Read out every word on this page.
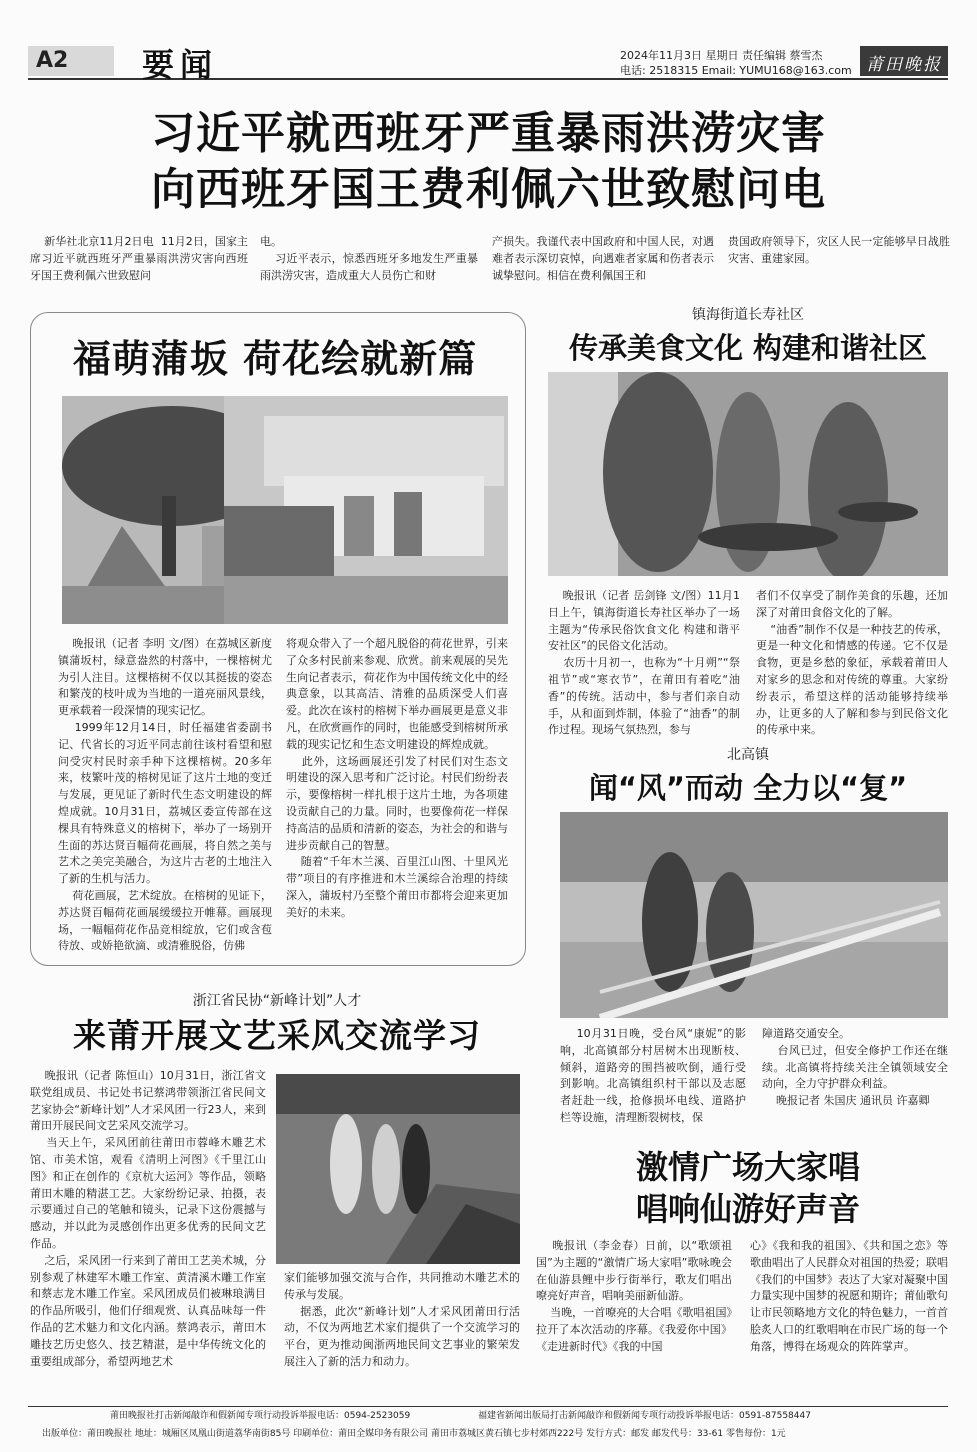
A2 要闻	2024年11月3日 星期日 责任编辑 蔡雪杰
电话: 2518315 Email: YUMU168@163.com 莆田晚报
习近平就西班牙严重暴雨洪涝灾害
向西班牙国王费利佩六世致慰问电
新华社北京11月2日电  11月2日，国家主席习近平就西班牙严重暴雨洪涝灾害向西班牙国王费利佩六世致慰问
电。
习近平表示，惊悉西班牙多地发生严重暴雨洪涝灾害，造成重大人员伤亡和财
产损失。我谨代表中国政府和中国人民，对遇难者表示深切哀悼，向遇难者家属和伤者表示诚挚慰问。相信在费利佩国王和
贵国政府领导下，灾区人民一定能够早日战胜灾害、重建家园。
福萌蒲坂 荷花绘就新篇
晚报讯（记者 李明 文/图）在荔城区新度镇蒲坂村，绿意盎然的村落中，一棵榕树尤为引人注目。这棵榕树不仅以其挺拔的姿态和繁茂的枝叶成为当地的一道亮丽风景线，更承载着一段深情的现实记忆。
1999年12月14日，时任福建省委副书记、代省长的习近平同志前往该村看望和慰问受灾村民时亲手种下这棵榕树。20多年来，枝繁叶茂的榕树见证了这片土地的变迁与发展，更见证了新时代生态文明建设的辉煌成就。10月31日，荔城区委宣传部在这棵具有特殊意义的榕树下，举办了一场别开生面的苏达贤百幅荷花画展，将自然之美与艺术之美完美融合，为这片古老的土地注入了新的生机与活力。
荷花画展，艺术绽放。在榕树的见证下，苏达贤百幅荷花画展缓缓拉开帷幕。画展现场，一幅幅荷花作品竞相绽放，它们或含苞待放、或娇艳欲滴、或清雅脱俗，仿佛
将观众带入了一个超凡脱俗的荷花世界，引来了众多村民前来参观、欣赏。前来观展的吴先生向记者表示，荷花作为中国传统文化中的经典意象，以其高洁、清雅的品质深受人们喜爱。此次在该村的榕树下举办画展更是意义非凡，在欣赏画作的同时，也能感受到榕树所承载的现实记忆和生态文明建设的辉煌成就。
此外，这场画展还引发了村民们对生态文明建设的深入思考和广泛讨论。村民们纷纷表示，要像榕树一样扎根于这片土地，为各项建设贡献自己的力量。同时，也要像荷花一样保持高洁的品质和清新的姿态，为社会的和谐与进步贡献自己的智慧。
随着“千年木兰溪、百里江山图、十里风光带”项目的有序推进和木兰溪综合治理的持续深入，蒲坂村乃至整个莆田市都将会迎来更加美好的未来。
镇海街道长寿社区
传承美食文化 构建和谐社区
晚报讯（记者 岳剑锋 文/图）11月1日上午，镇海街道长寿社区举办了一场主题为“传承民俗饮食文化 构建和谐平安社区”的民俗文化活动。
农历十月初一，也称为“十月朔”“祭祖节”或“寒衣节”，在莆田有着吃“油香”的传统。活动中，参与者们亲自动手，从和面到炸制，体验了“油香”的制作过程。现场气氛热烈，参与
者们不仅享受了制作美食的乐趣，还加深了对莆田食俗文化的了解。
“油香”制作不仅是一种技艺的传承，更是一种文化和情感的传递。它不仅是食物，更是乡愁的象征，承载着莆田人对家乡的思念和对传统的尊重。大家纷纷表示，希望这样的活动能够持续举办，让更多的人了解和参与到民俗文化的传承中来。
北高镇
闻“风”而动 全力以“复”
10月31日晚，受台风“康妮”的影响，北高镇部分村居树木出现断枝、倾斜，道路旁的围挡被吹倒，通行受到影响。北高镇组织村干部以及志愿者赶赴一线，抢修损坏电线、道路护栏等设施，清理断裂树枝，保
障道路交通安全。
台风已过，但安全修护工作还在继续。北高镇将持续关注全镇领域安全动向，全力守护群众利益。
晚报记者 朱国庆 通讯员 许嘉卿
浙江省民协“新峰计划”人才
来莆开展文艺采风交流学习
晚报讯（记者 陈恒山）10月31日，浙江省文联党组成员、书记处书记蔡鸿带领浙江省民间文艺家协会“新峰计划”人才采风团一行23人，来到莆田开展民间文艺采风交流学习。
当天上午，采风团前往莆田市蓉峰木雕艺术馆、市美术馆，观看《清明上河图》《千里江山图》和正在创作的《京杭大运河》等作品，领略莆田木雕的精湛工艺。大家纷纷记录、拍摄，表示要通过自己的笔触和镜头，记录下这份震撼与感动，并以此为灵感创作出更多优秀的民间文艺作品。
之后，采风团一行来到了莆田工艺美术城，分别参观了林建军木雕工作室、黄清溪木雕工作室和蔡志龙木雕工作室。采风团成员们被琳琅满目的作品所吸引，他们仔细观赏、认真品味每一件作品的艺术魅力和文化内涵。蔡鸿表示，莆田木雕技艺历史悠久、技艺精湛，是中华传统文化的重要组成部分，希望两地艺术
家们能够加强交流与合作，共同推动木雕艺术的传承与发展。
据悉，此次“新峰计划”人才采风团莆田行活动，不仅为两地艺术家们提供了一个交流学习的平台，更为推动闽浙两地民间文艺事业的繁荣发展注入了新的活力和动力。
激情广场大家唱
唱响仙游好声音
晚报讯（李金春）日前，以“歌颂祖国”为主题的“激情广场大家唱”歌咏晚会在仙游县鲤中步行街举行，歌友们唱出嘹亮好声音，唱响美丽新仙游。
当晚，一首嘹亮的大合唱《歌唱祖国》拉开了本次活动的序幕。《我爱你中国》《走进新时代》《我的中国
心》《我和我的祖国》、《共和国之恋》等歌曲唱出了人民群众对祖国的热爱；联唱《我们的中国梦》表达了大家对凝聚中国力量实现中国梦的祝愿和期许；莆仙歌句让市民领略地方文化的特色魅力，一首首脍炙人口的红歌唱响在市民广场的每一个角落，博得在场观众的阵阵掌声。
莆田晚报社打击新闻敲诈和假新闻专项行动投诉举报电话：0594-2523059	福建省新闻出版局打击新闻敲诈和假新闻专项行动投诉举报电话：0591-87558447
出版单位：莆田晚报社 地址：城厢区凤凰山街道荔华南街85号 印刷单位：莆田全媒印务有限公司 莆田市荔城区黄石镇七步村郊西222号 发行方式：邮发 邮发代号：33-61 零售每份：1元
